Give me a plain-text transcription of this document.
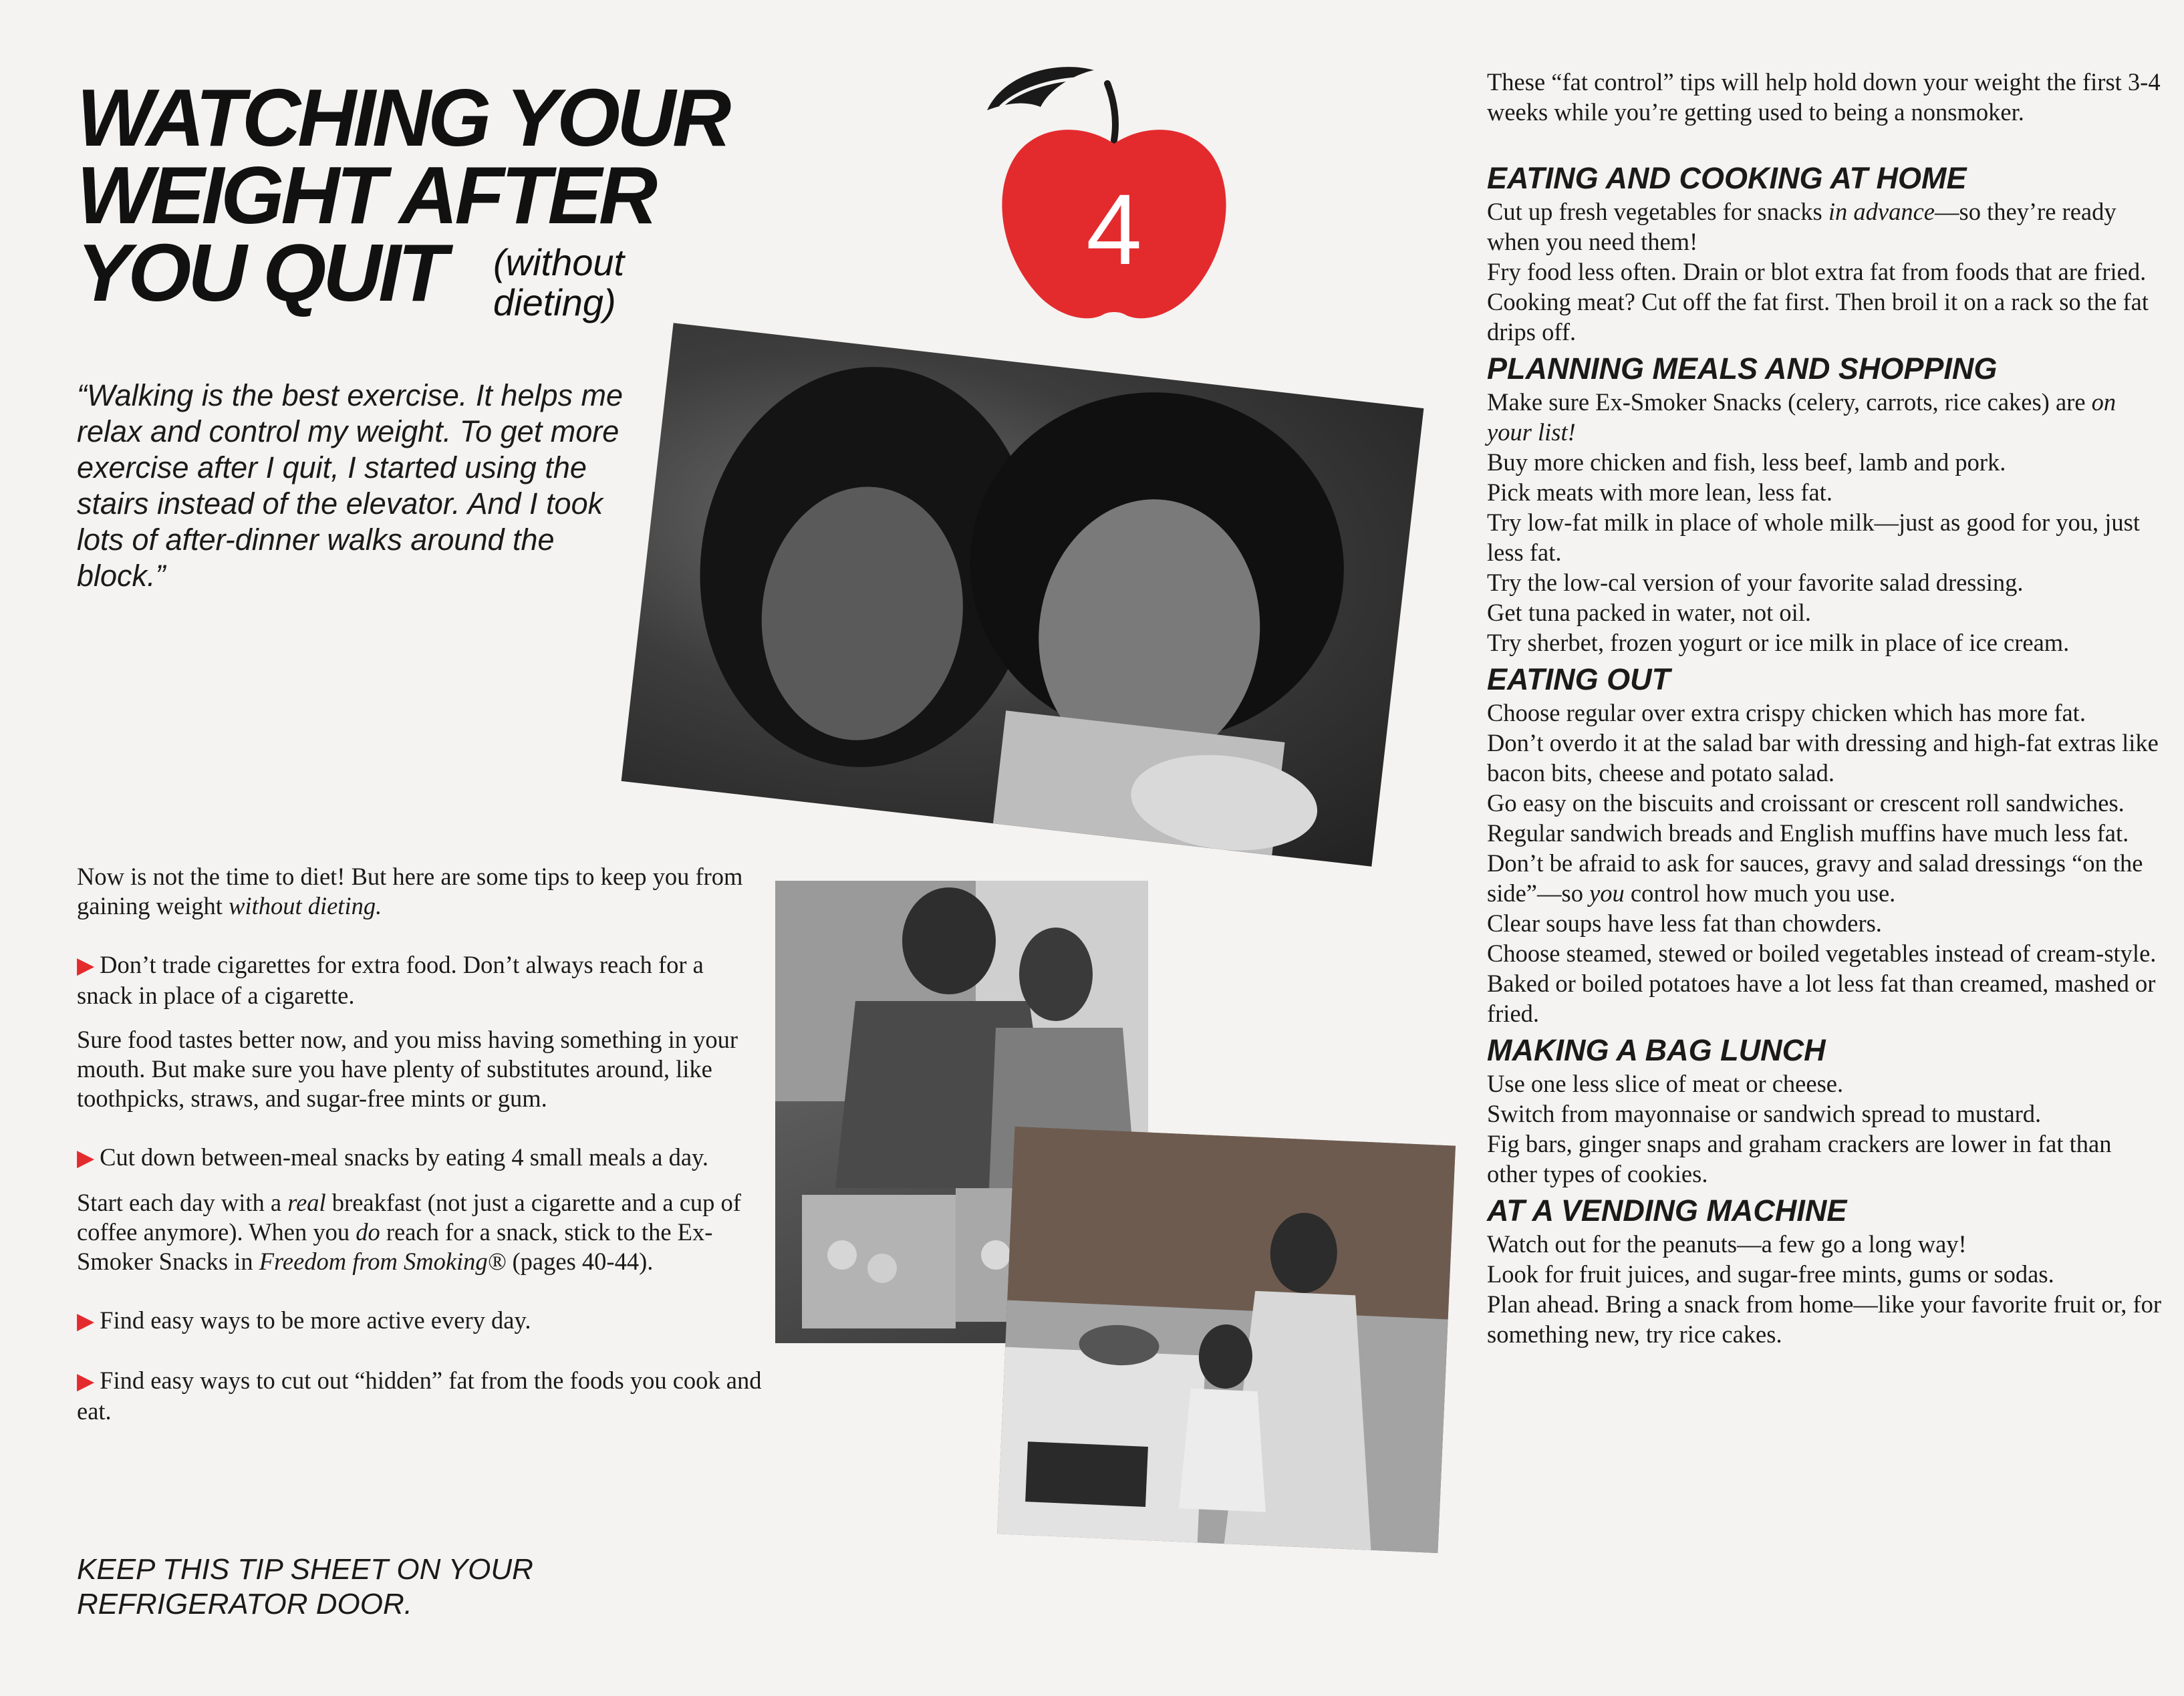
WATCHING YOUR
WEIGHT AFTER
YOU QUIT	(without
dieting)
“Walking is the best exercise. It helps me relax and control my weight. To get more exercise after I quit, I started using the stairs instead of the elevator. And I took lots of after-dinner walks around the block.”
4

Now is not the time to diet! But here are some tips to keep you from gaining weight without dieting.

▶ Don’t trade cigarettes for extra food. Don’t always reach for a snack in place of a cigarette.

Sure food tastes better now, and you miss having something in your mouth. But make sure you have plenty of substitutes around, like toothpicks, straws, and sugar-free mints or gum.

▶ Cut down between-meal snacks by eating 4 small meals a day.

Start each day with a real breakfast (not just a cigarette and a cup of coffee anymore). When you do reach for a snack, stick to the Ex-Smoker Snacks in Freedom from Smoking® (pages 40-44).

▶ Find easy ways to be more active every day.

▶ Find easy ways to cut out “hidden” fat from the foods you cook and eat.

KEEP THIS TIP SHEET ON YOUR REFRIGERATOR DOOR.
These “fat control” tips will help hold down your weight the first 3-4 weeks while you’re getting used to being a nonsmoker.
EATING AND COOKING AT HOME
Cut up fresh vegetables for snacks in advance—so they’re ready when you need them!
Fry food less often. Drain or blot extra fat from foods that are fried.
Cooking meat? Cut off the fat first. Then broil it on a rack so the fat drips off.
PLANNING MEALS AND SHOPPING
Make sure Ex-Smoker Snacks (celery, carrots, rice cakes) are on your list!
Buy more chicken and fish, less beef, lamb and pork.
Pick meats with more lean, less fat.
Try low-fat milk in place of whole milk—just as good for you, just less fat.
Try the low-cal version of your favorite salad dressing.
Get tuna packed in water, not oil.
Try sherbet, frozen yogurt or ice milk in place of ice cream.
EATING OUT
Choose regular over extra crispy chicken which has more fat.
Don’t overdo it at the salad bar with dressing and high-fat extras like bacon bits, cheese and potato salad.
Go easy on the biscuits and croissant or crescent roll sandwiches. Regular sandwich breads and English muffins have much less fat.
Don’t be afraid to ask for sauces, gravy and salad dressings “on the side”—so you control how much you use.
Clear soups have less fat than chowders.
Choose steamed, stewed or boiled vegetables instead of cream-style.
Baked or boiled potatoes have a lot less fat than creamed, mashed or fried.
MAKING A BAG LUNCH
Use one less slice of meat or cheese.
Switch from mayonnaise or sandwich spread to mustard.
Fig bars, ginger snaps and graham crackers are lower in fat than other types of cookies.
AT A VENDING MACHINE
Watch out for the peanuts—a few go a long way!
Look for fruit juices, and sugar-free mints, gums or sodas.
Plan ahead. Bring a snack from home—like your favorite fruit or, for something new, try rice cakes.
